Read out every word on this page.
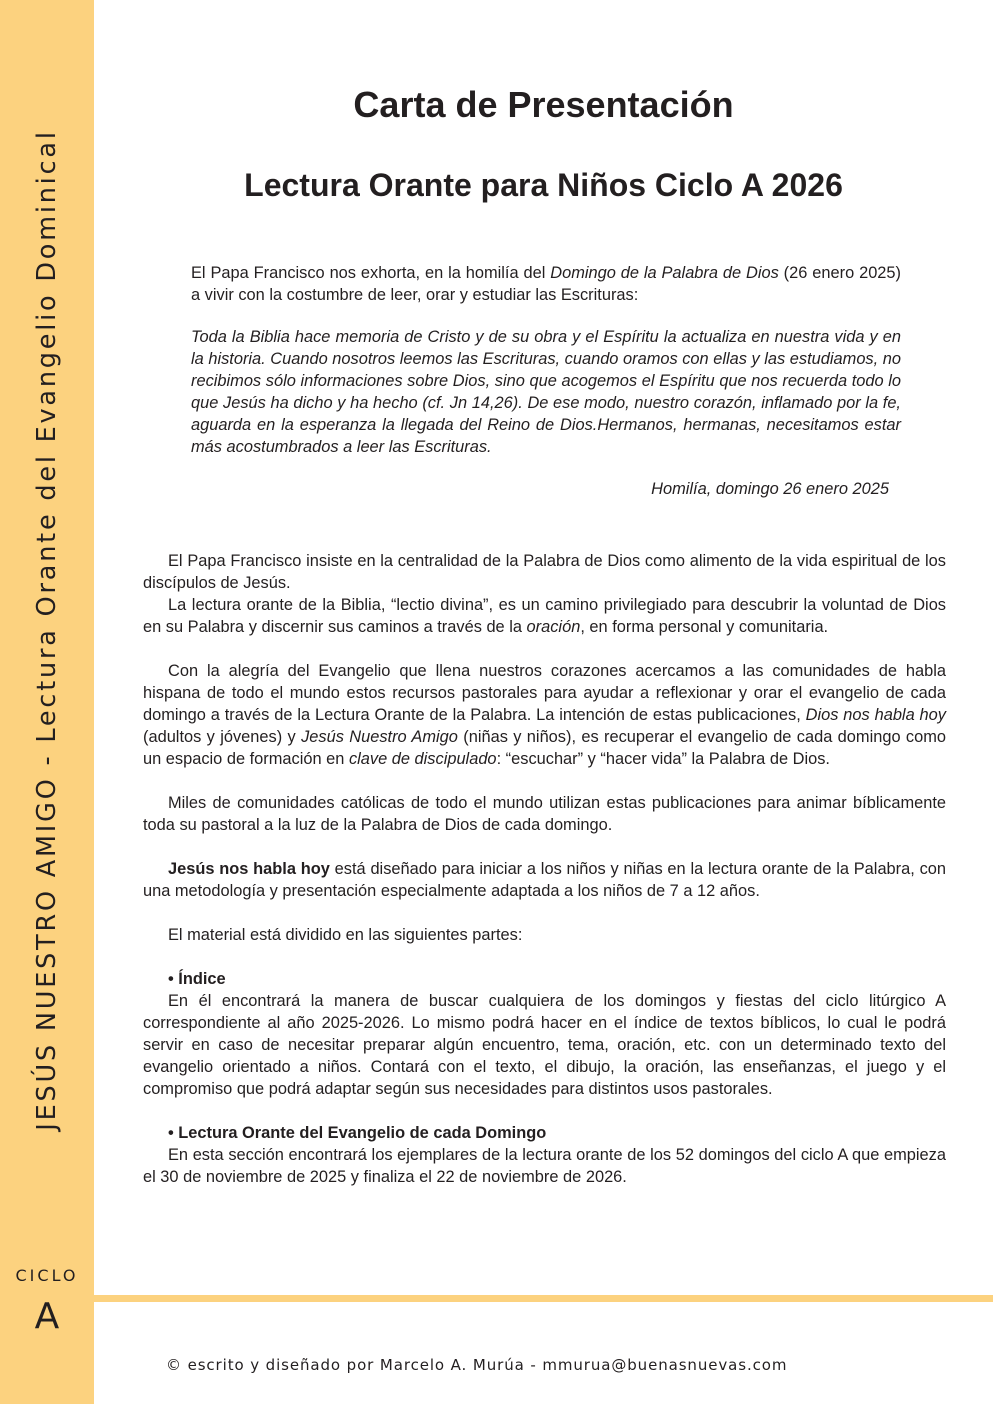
JESÚS NUESTRO AMIGO - Lectura Orante del Evangelio Dominical
CICLO
A
Carta de Presentación
Lectura Orante para Niños Ciclo A 2026

El Papa Francisco nos exhorta, en la homilía del Domingo de la Palabra de Dios (26 enero 2025) a vivir con la costumbre de leer, orar y estudiar las Escrituras:

Toda la Biblia hace memoria de Cristo y de su obra y el Espíritu la actualiza en nuestra vida y en la historia. Cuando nosotros leemos las Escrituras, cuando oramos con ellas y las estudiamos, no recibimos sólo informaciones sobre Dios, sino que acogemos el Espíritu que nos recuerda todo lo que Jesús ha dicho y ha hecho (cf. Jn 14,26). De ese modo, nuestro corazón, inflamado por la fe, aguarda en la esperanza la llegada del Reino de Dios.Hermanos, hermanas, necesitamos estar más acostumbrados a leer las Escrituras.

Homilía, domingo 26 enero 2025

El Papa Francisco insiste en la centralidad de la Palabra de Dios como alimento de la vida espiritual de los discípulos de Jesús.

La lectura orante de la Biblia, “lectio divina”, es un camino privilegiado para descubrir la voluntad de Dios en su Palabra y discernir sus caminos a través de la oración, en forma personal y comunitaria.

Con la alegría del Evangelio que llena nuestros corazones acercamos a las comunidades de habla hispana de todo el mundo estos recursos pastorales para ayudar a reflexionar y orar el evangelio de cada domingo a través de la Lectura Orante de la Palabra. La intención de estas publicaciones, Dios nos habla hoy (adultos y jóvenes) y Jesús Nuestro Amigo (niñas y niños), es recuperar el evangelio de cada domingo como un espacio de formación en clave de discipulado: “escuchar” y “hacer vida” la Palabra de Dios.

Miles de comunidades católicas de todo el mundo utilizan estas publicaciones para animar bíblicamente toda su pastoral a la luz de la Palabra de Dios de cada domingo.

Jesús nos habla hoy está diseñado para iniciar a los niños y niñas en la lectura orante de la Palabra, con una metodología y presentación especialmente adaptada a los niños de 7 a 12 años.

El material está dividido en las siguientes partes:

• Índice

En él encontrará la manera de buscar cualquiera de los domingos y fiestas del ciclo litúrgico A correspondiente al año 2025-2026. Lo mismo podrá hacer en el índice de textos bíblicos, lo cual le podrá servir en caso de necesitar preparar algún encuentro, tema, oración, etc. con un determinado texto del evangelio orientado a niños. Contará con el texto, el dibujo, la oración, las enseñanzas, el juego y el compromiso que podrá adaptar según sus necesidades para distintos usos pastorales.

• Lectura Orante del Evangelio de cada Domingo

En esta sección encontrará los ejemplares de la lectura orante de los 52 domingos del ciclo A que empieza el 30 de noviembre de 2025 y finaliza el 22 de noviembre de 2026.

© escrito y diseñado por Marcelo A. Murúa - mmurua@buenasnuevas.com
